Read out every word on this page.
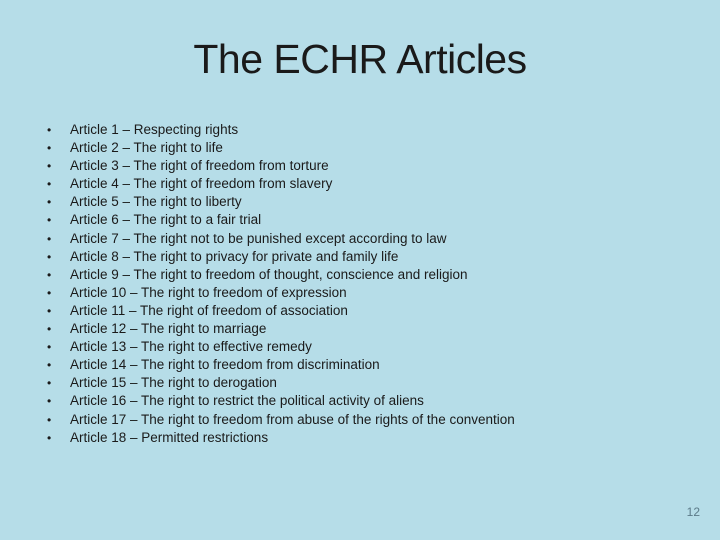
The ECHR Articles
•	Article 1 – Respecting rights
•	Article 2 – The right to life
•	Article 3 – The right of freedom from torture
•	Article 4 – The right of freedom from slavery
•	Article 5 – The right to liberty
•	Article 6 – The right to a fair trial
•	Article 7 – The right not to be punished except according to law
•	Article 8 – The right to privacy for private and family life
•	Article 9 – The right to freedom of thought, conscience and religion
•	Article 10 – The right to freedom of expression
•	Article 11 – The right of freedom of association
•	Article 12 – The right to marriage
•	Article 13 – The right to effective remedy
•	Article 14 – The right to freedom from discrimination
•	Article 15 – The right to derogation
•	Article 16 – The right to restrict the political activity of aliens
•	Article 17 – The right to freedom from abuse of the rights of the convention
•	Article 18 – Permitted restrictions
12
